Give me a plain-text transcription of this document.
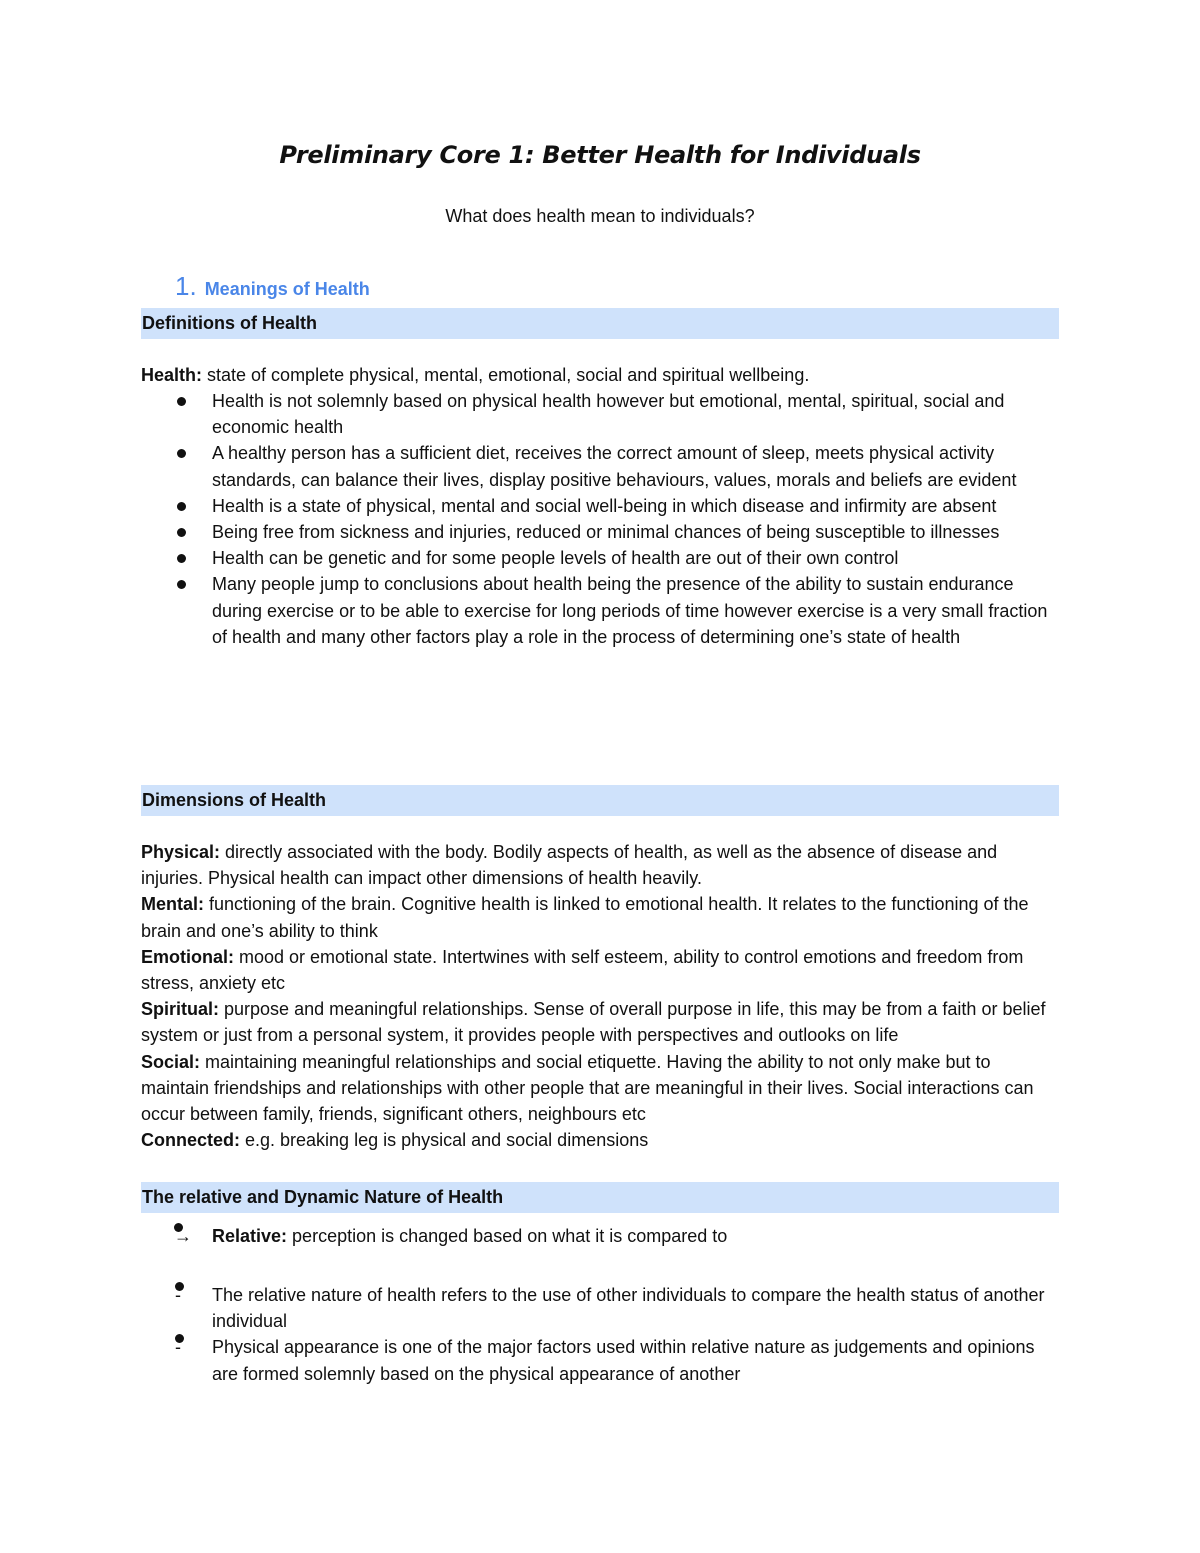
Preliminary Core 1: Better Health for Individuals
What does health mean to individuals?
1. Meanings of Health
Definitions of Health
Health: state of complete physical, mental, emotional, social and spiritual wellbeing.
Health is not solemnly based on physical health however but emotional, mental, spiritual, social and economic health
A healthy person has a sufficient diet, receives the correct amount of sleep, meets physical activity standards, can balance their lives, display positive behaviours, values, morals and beliefs are evident
Health is a state of physical, mental and social well-being in which disease and infirmity are absent
Being free from sickness and injuries, reduced or minimal chances of being susceptible to illnesses
Health can be genetic and for some people levels of health are out of their own control
Many people jump to conclusions about health being the presence of the ability to sustain endurance during exercise or to be able to exercise for long periods of time however exercise is a very small fraction of health and many other factors play a role in the process of determining one’s state of health
Dimensions of Health
Physical: directly associated with the body. Bodily aspects of health, as well as the absence of disease and injuries. Physical health can impact other dimensions of health heavily.
Mental: functioning of the brain. Cognitive health is linked to emotional health. It relates to the functioning of the brain and one’s ability to think
Emotional: mood or emotional state. Intertwines with self esteem, ability to control emotions and freedom from stress, anxiety etc
Spiritual: purpose and meaningful relationships. Sense of overall purpose in life, this may be from a faith or belief system or just from a personal system, it provides people with perspectives and outlooks on life
Social: maintaining meaningful relationships and social etiquette. Having the ability to not only make but to maintain friendships and relationships with other people that are meaningful in their lives. Social interactions can occur between family, friends, significant others, neighbours etc
Connected: e.g. breaking leg is physical and social dimensions
The relative and Dynamic Nature of Health
→ Relative: perception is changed based on what it is compared to
- The relative nature of health refers to the use of other individuals to compare the health status of another individual
- Physical appearance is one of the major factors used within relative nature as judgements and opinions are formed solemnly based on the physical appearance of another
